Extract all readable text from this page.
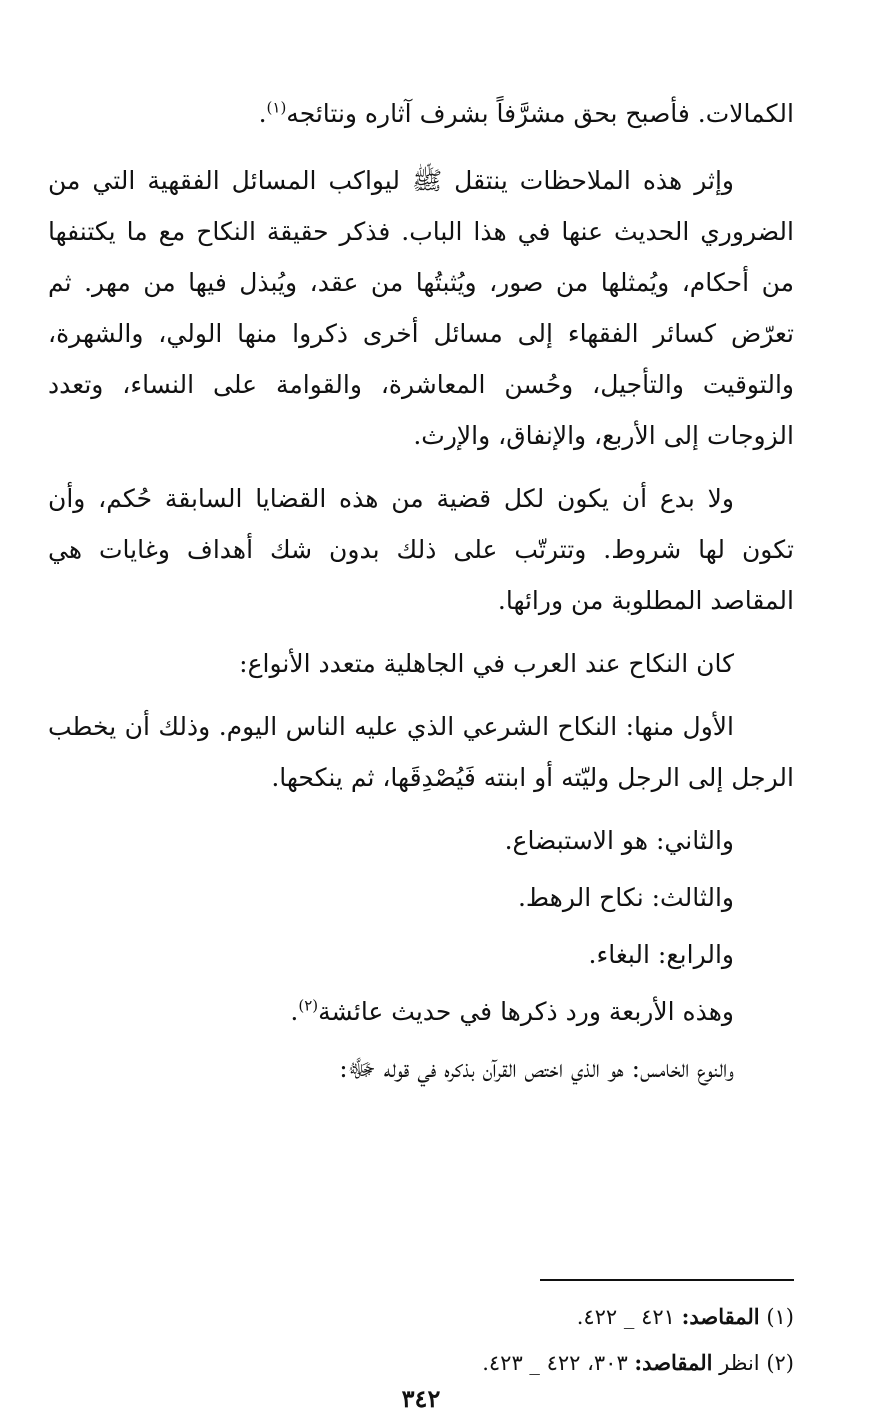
الكمالات. فأصبح بحق مشرَّفاً بشرف آثاره ونتائجه$^{(١)}$.

وإثر هذه الملاحظات ينتقل ﷺ ليواكب المسائل الفقهية التي من الضروري الحديث عنها في هذا الباب. فذكر حقيقة النكاح مع ما يكتنفها من أحكام، ويُمثلها من صور، ويُثبتُها من عقد، ويُبذل فيها من مهر. ثم تعرّض كسائر الفقهاء إلى مسائل أخرى ذكروا منها الولي، والشهرة، والتوقيت والتأجيل، وحُسن المعاشرة، والقوامة على النساء، وتعدد الزوجات إلى الأربع، والإنفاق، والإرث.

ولا بدع أن يكون لكل قضية من هذه القضايا السابقة حُكم، وأن تكون لها شروط. وتترتّب على ذلك بدون شك أهداف وغايات هي المقاصد المطلوبة من ورائها.

كان النكاح عند العرب في الجاهلية متعدد الأنواع:

الأول منها: النكاح الشرعي الذي عليه الناس اليوم. وذلك أن يخطب الرجل إلى الرجل وليّته أو ابنته فَيُصْدِقَها، ثم ينكحها.

والثاني: هو الاستبضاع.

والثالث: نكاح الرهط.

والرابع: البغاء.

وهذه الأربعة ورد ذكرها في حديث عائشة$^{(٢)}$.

والنوع الخامس: هو الذي اختص القرآن بذكره في قوله ﷻ:

(١) المقاصد: ٤٢١ _ ٤٢٢.

(٢) انظر المقاصد: ٣٠٣، ٤٢٢ _ ٤٢٣.

٣٤٢
